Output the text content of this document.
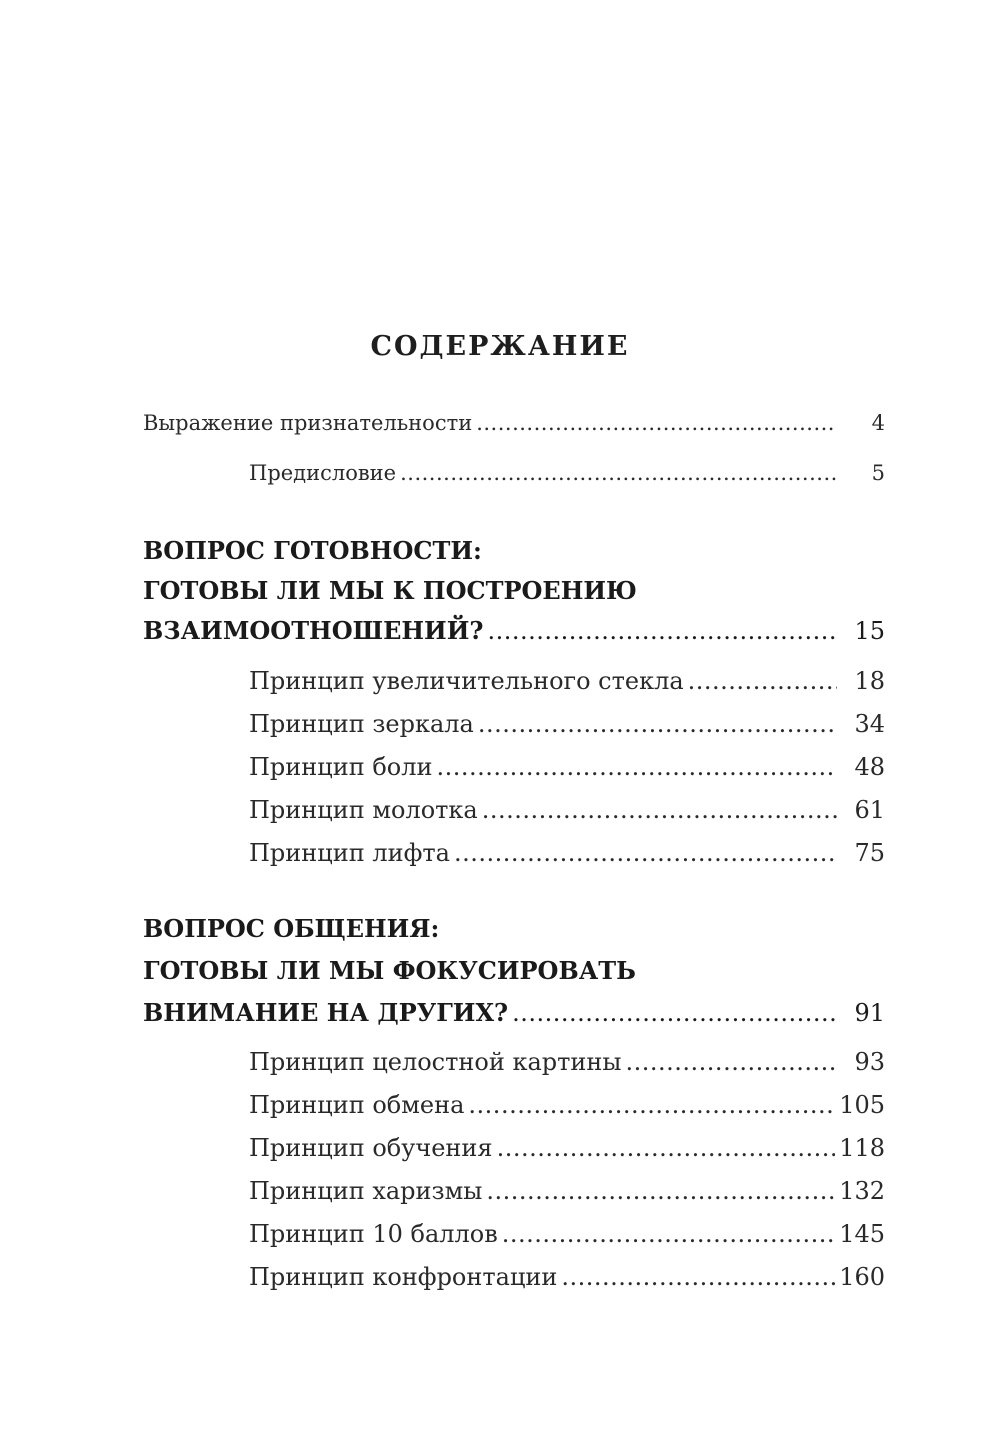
СОДЕРЖАНИЕ
Выражение признательности .....	4
Предисловие .....	5
ВОПРОС ГОТОВНОСТИ:
ГОТОВЫ ЛИ МЫ К ПОСТРОЕНИЮ
ВЗАИМООТНОШЕНИЙ? .....	15
Принцип увеличительного стекла .....	18
Принцип зеркала .....	34
Принцип боли .....	48
Принцип молотка .....	61
Принцип лифта .....	75
ВОПРОС ОБЩЕНИЯ:
ГОТОВЫ ЛИ МЫ ФОКУСИРОВАТЬ
ВНИМАНИЕ НА ДРУГИХ? .....	91
Принцип целостной картины .....	93
Принцип обмена .....	105
Принцип обучения .....	118
Принцип харизмы .....	132
Принцип 10 баллов .....	145
Принцип конфронтации .....	160
